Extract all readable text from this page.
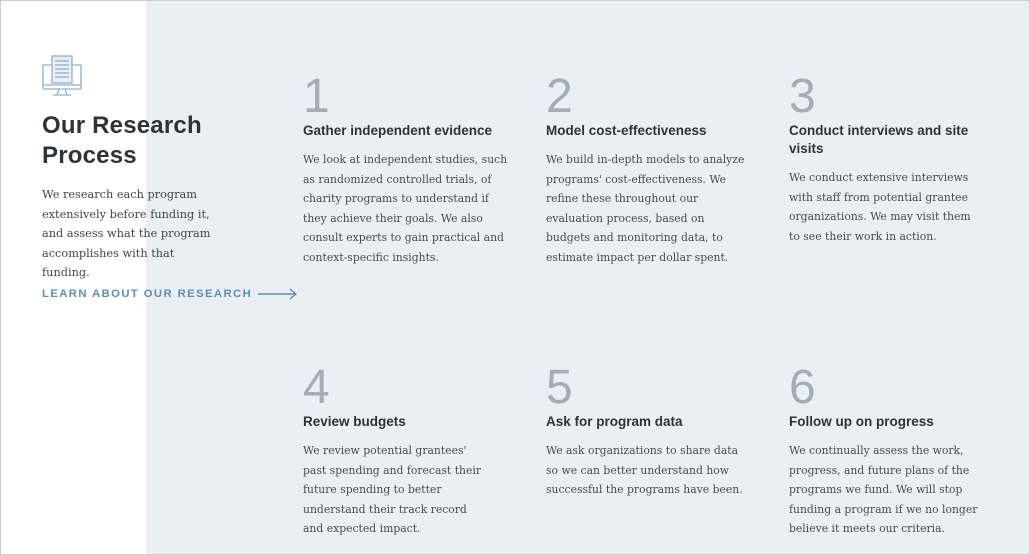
Our Research Process

We research each program extensively before funding it, and assess what the program accomplishes with that funding.

LEARN ABOUT OUR RESEARCH
1
Gather independent evidence

We look at independent studies, such as randomized controlled trials, of charity programs to understand if they achieve their goals. We also consult experts to gain practical and context-specific insights.

2
Model cost-effectiveness

We build in-depth models to analyze programs' cost-effectiveness. We refine these throughout our evaluation process, based on budgets and monitoring data, to estimate impact per dollar spent.

3
Conduct interviews and site visits

We conduct extensive interviews with staff from potential grantee organizations. We may visit them to see their work in action.

4
Review budgets

We review potential grantees' past spending and forecast their future spending to better understand their track record and expected impact.

5
Ask for program data

We ask organizations to share data so we can better understand how successful the programs have been.

6
Follow up on progress

We continually assess the work, progress, and future plans of the programs we fund. We will stop funding a program if we no longer believe it meets our criteria.
